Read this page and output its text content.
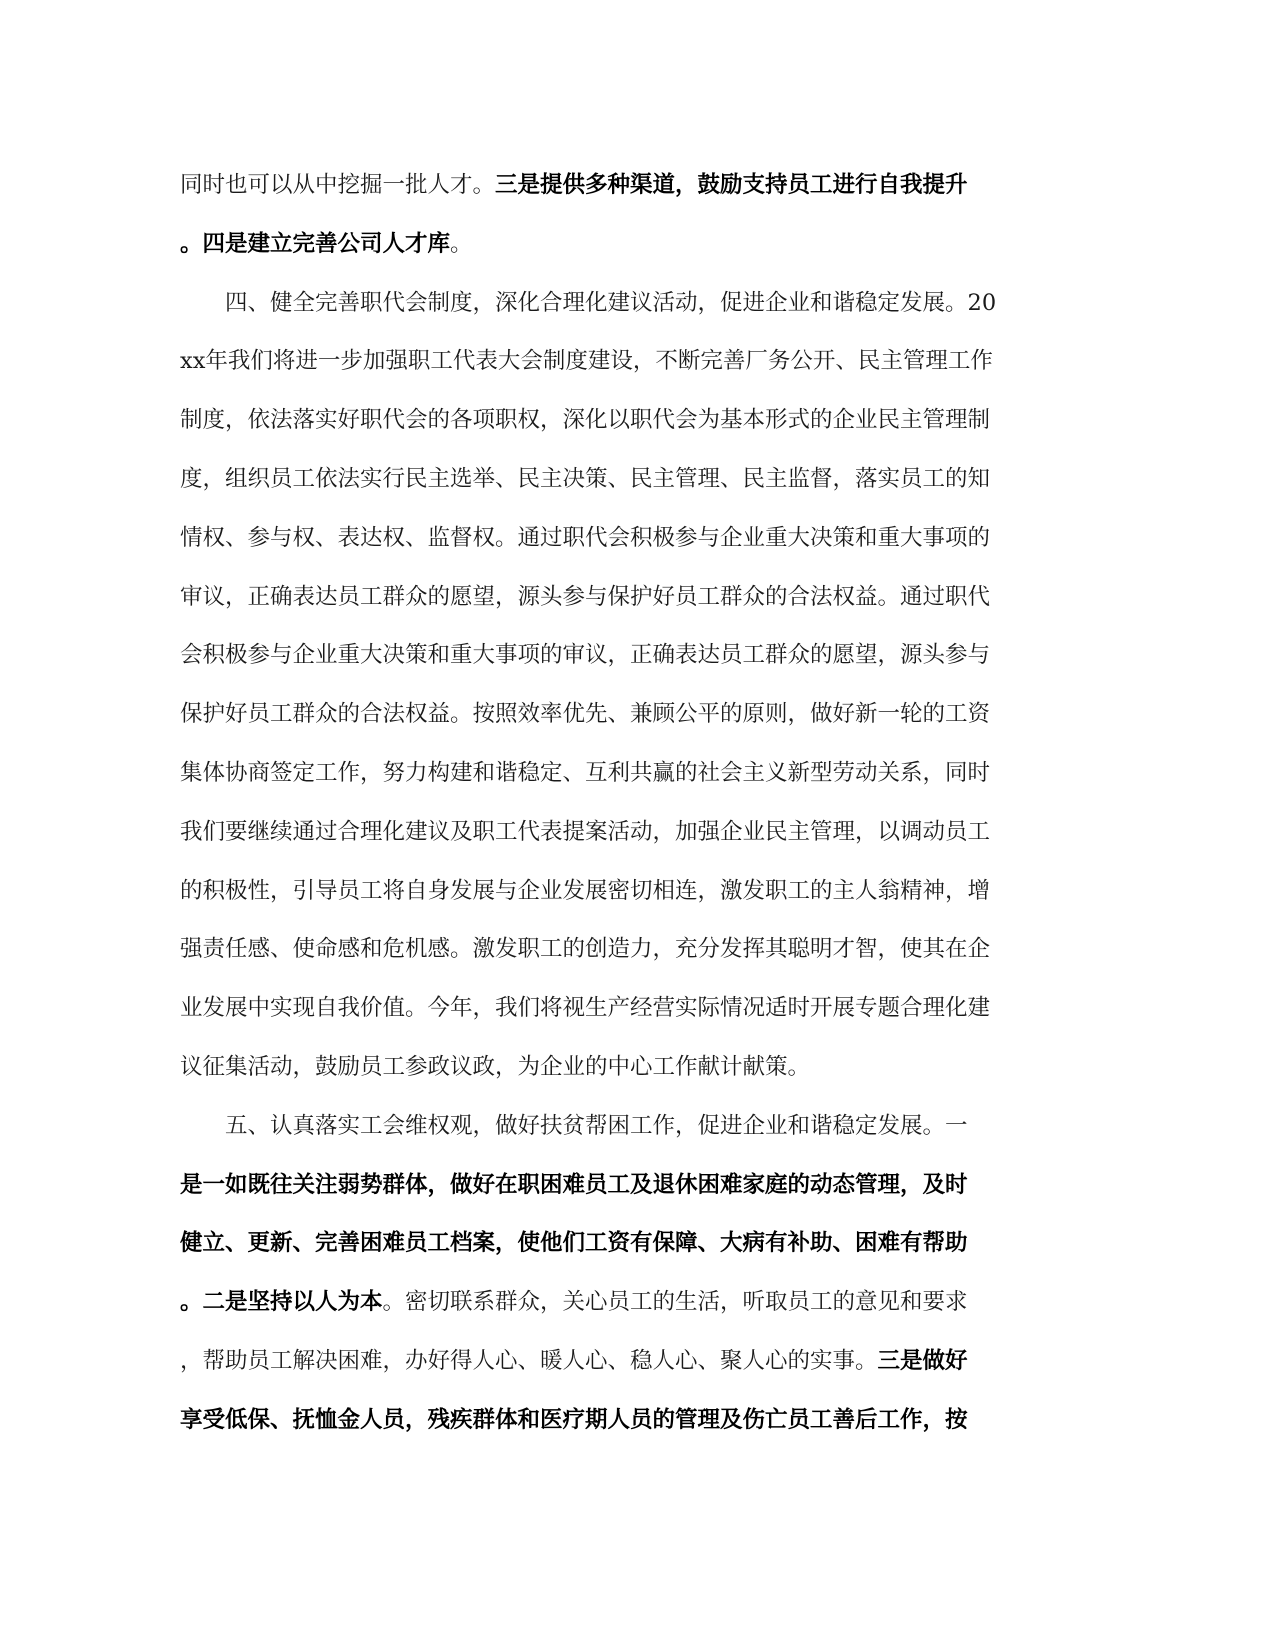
同时也可以从中挖掘一批人才。三是提供多种渠道，鼓励支持员工进行自我提升
。四是建立完善公司人才库。
　　四、健全完善职代会制度，深化合理化建议活动，促进企业和谐稳定发展。20
xx年我们将进一步加强职工代表大会制度建设，不断完善厂务公开、民主管理工作
制度，依法落实好职代会的各项职权，深化以职代会为基本形式的企业民主管理制
度，组织员工依法实行民主选举、民主决策、民主管理、民主监督，落实员工的知
情权、参与权、表达权、监督权。通过职代会积极参与企业重大决策和重大事项的
审议，正确表达员工群众的愿望，源头参与保护好员工群众的合法权益。通过职代
会积极参与企业重大决策和重大事项的审议，正确表达员工群众的愿望，源头参与
保护好员工群众的合法权益。按照效率优先、兼顾公平的原则，做好新一轮的工资
集体协商签定工作，努力构建和谐稳定、互利共赢的社会主义新型劳动关系，同时
我们要继续通过合理化建议及职工代表提案活动，加强企业民主管理，以调动员工
的积极性，引导员工将自身发展与企业发展密切相连，激发职工的主人翁精神，增
强责任感、使命感和危机感。激发职工的创造力，充分发挥其聪明才智，使其在企
业发展中实现自我价值。今年，我们将视生产经营实际情况适时开展专题合理化建
议征集活动，鼓励员工参政议政，为企业的中心工作献计献策。
　　五、认真落实工会维权观，做好扶贫帮困工作，促进企业和谐稳定发展。一
是一如既往关注弱势群体，做好在职困难员工及退休困难家庭的动态管理，及时
健立、更新、完善困难员工档案，使他们工资有保障、大病有补助、困难有帮助
。二是坚持以人为本。密切联系群众，关心员工的生活，听取员工的意见和要求
，帮助员工解决困难，办好得人心、暖人心、稳人心、聚人心的实事。三是做好
享受低保、抚恤金人员，残疾群体和医疗期人员的管理及伤亡员工善后工作，按
